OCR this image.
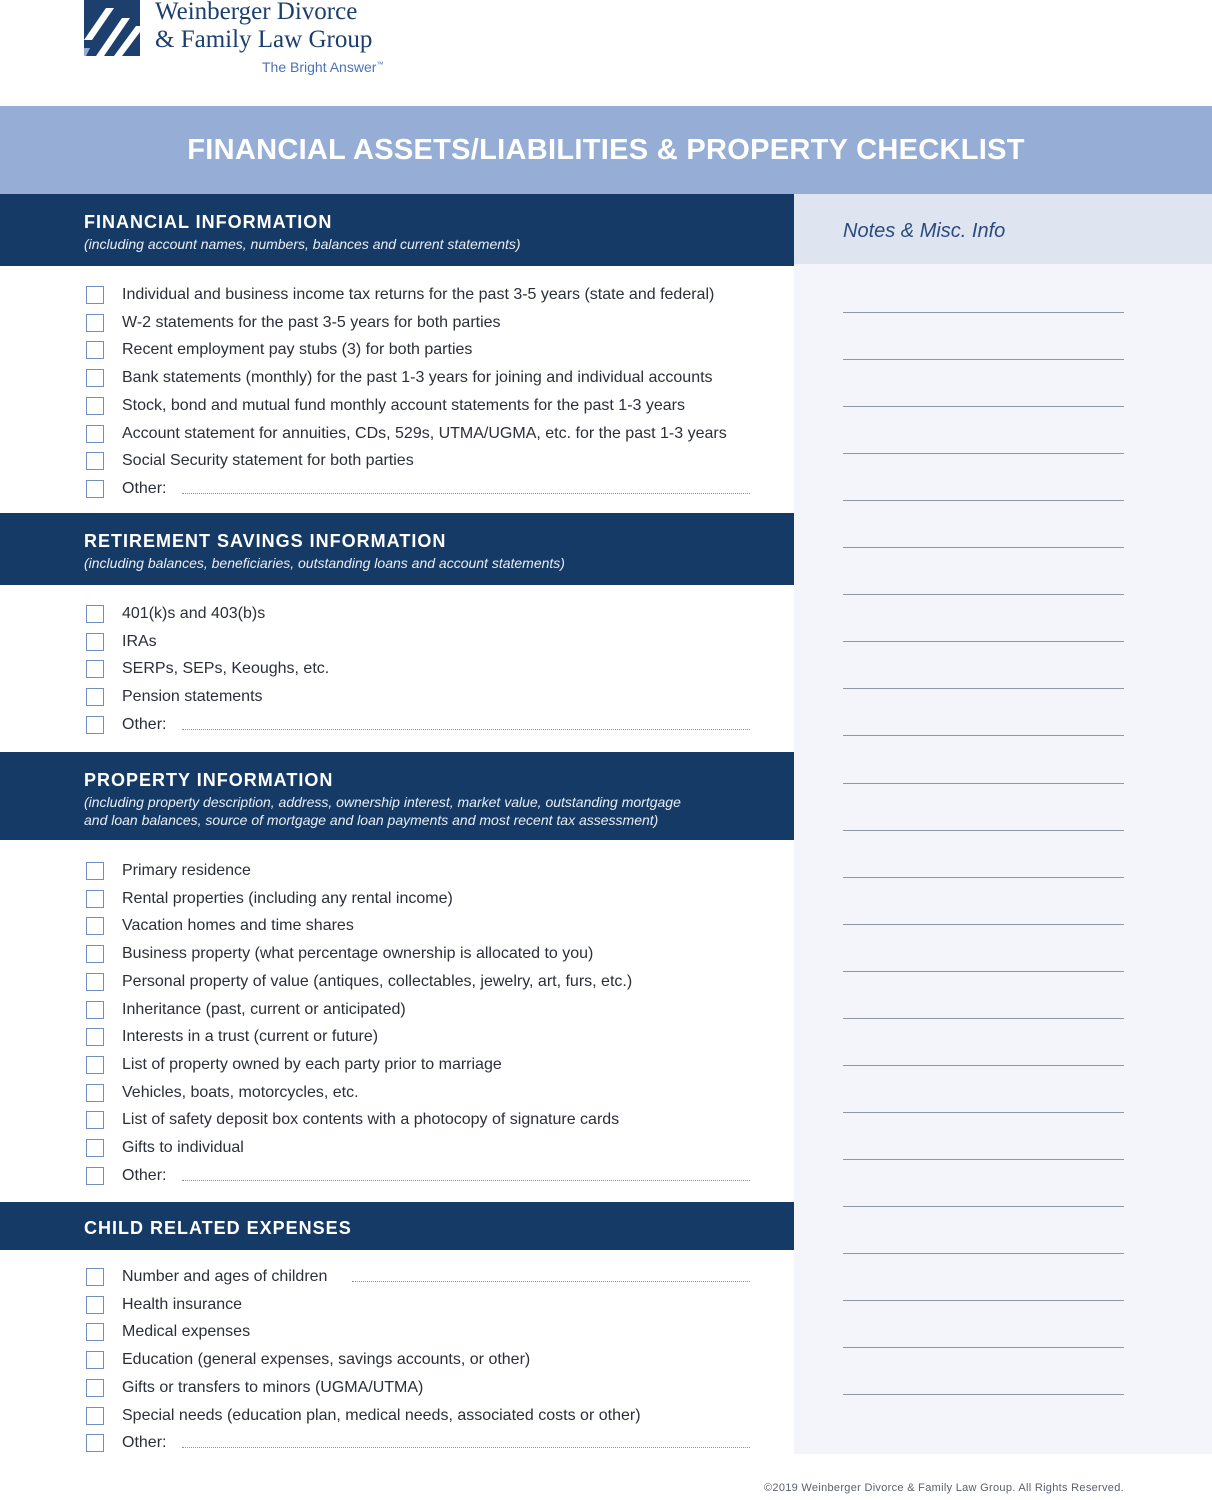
Weinberger Divorce
& Family Law Group

The Bright Answer™
FINANCIAL ASSETS/LIABILITIES & PROPERTY CHECKLIST
Notes & Misc. Info
FINANCIAL INFORMATION
(including account names, numbers, balances and current statements)
Individual and business income tax returns for the past 3-5 years (state and federal)
W-2 statements for the past 3-5 years for both parties
Recent employment pay stubs (3) for both parties
Bank statements (monthly) for the past 1-3 years for joining and individual accounts
Stock, bond and mutual fund monthly account statements for the past 1-3 years
Account statement for annuities, CDs, 529s, UTMA/UGMA, etc. for the past 1-3 years
Social Security statement for both parties
Other:
RETIREMENT SAVINGS INFORMATION
(including balances, beneficiaries, outstanding loans and account statements)
401(k)s and 403(b)s
IRAs
SERPs, SEPs, Keoughs, etc.
Pension statements
Other:
PROPERTY INFORMATION
(including property description, address, ownership interest, market value, outstanding mortgage
and loan balances, source of mortgage and loan payments and most recent tax assessment)
Primary residence
Rental properties (including any rental income)
Vacation homes and time shares
Business property (what percentage ownership is allocated to you)
Personal property of value (antiques, collectables, jewelry, art, furs, etc.)
Inheritance (past, current or anticipated)
Interests in a trust (current or future)
List of property owned by each party prior to marriage
Vehicles, boats, motorcycles, etc.
List of safety deposit box contents with a photocopy of signature cards
Gifts to individual
Other:
CHILD RELATED EXPENSES
Number and ages of children
Health insurance
Medical expenses
Education (general expenses, savings accounts, or other)
Gifts or transfers to minors (UGMA/UTMA)
Special needs (education plan, medical needs, associated costs or other)
Other:
©2019 Weinberger Divorce & Family Law Group. All Rights Reserved.
